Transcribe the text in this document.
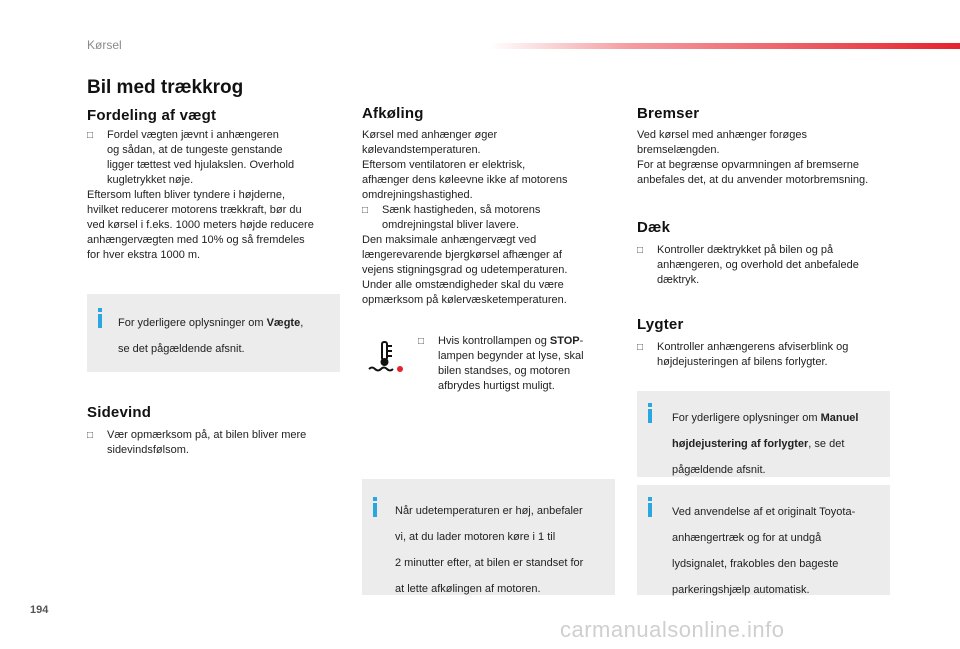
Kørsel
Bil med trækkrog
Fordeling af vægt
□ Fordel vægten jævnt i anhængeren

og sådan, at de tungeste genstande

ligger tættest ved hjulakslen. Overhold

kugletrykket nøje.

Eftersom luften bliver tyndere i højderne,

hvilket reducerer motorens trækkraft, bør du

ved kørsel i f.eks. 1000 meters højde reducere

anhængervægten med 10% og så fremdeles

for hver ekstra 1000 m.

For yderligere oplysninger om Vægte,

se det pågældende afsnit.

Sidevind
□ Vær opmærksom på, at bilen bliver mere

sidevindsfølsom.

Afkøling

Kørsel med anhænger øger

kølevandstemperaturen.

Eftersom ventilatoren er elektrisk,

afhænger dens køleevne ikke af motorens

omdrejningshastighed.

□ Sænk hastigheden, så motorens

omdrejningstal bliver lavere.

Den maksimale anhængervægt ved

længerevarende bjergkørsel afhænger af

vejens stigningsgrad og udetemperaturen.

Under alle omstændigheder skal du være

opmærksom på kølervæsketemperaturen.

□ Hvis kontrollampen og STOP-

lampen begynder at lyse, skal

bilen standses, og motoren

afbrydes hurtigst muligt.

Når udetemperaturen er høj, anbefaler

vi, at du lader motoren køre i 1 til

2 minutter efter, at bilen er standset for

at lette afkølingen af motoren.

Bremser

Ved kørsel med anhænger forøges

bremselængden.

For at begrænse opvarmningen af bremserne

anbefales det, at du anvender motorbremsning.

Dæk
□ Kontroller dæktrykket på bilen og på

anhængeren, og overhold det anbefalede

dæktryk.

Lygter
□ Kontroller anhængerens afviserblink og

højdejusteringen af bilens forlygter.

For yderligere oplysninger om Manuel

højdejustering af forlygter, se det

pågældende afsnit.

Ved anvendelse af et originalt Toyota-

anhængertræk og for at undgå

lydsignalet, frakobles den bageste

parkeringshjælp automatisk.

194
carmanualsonline.info
